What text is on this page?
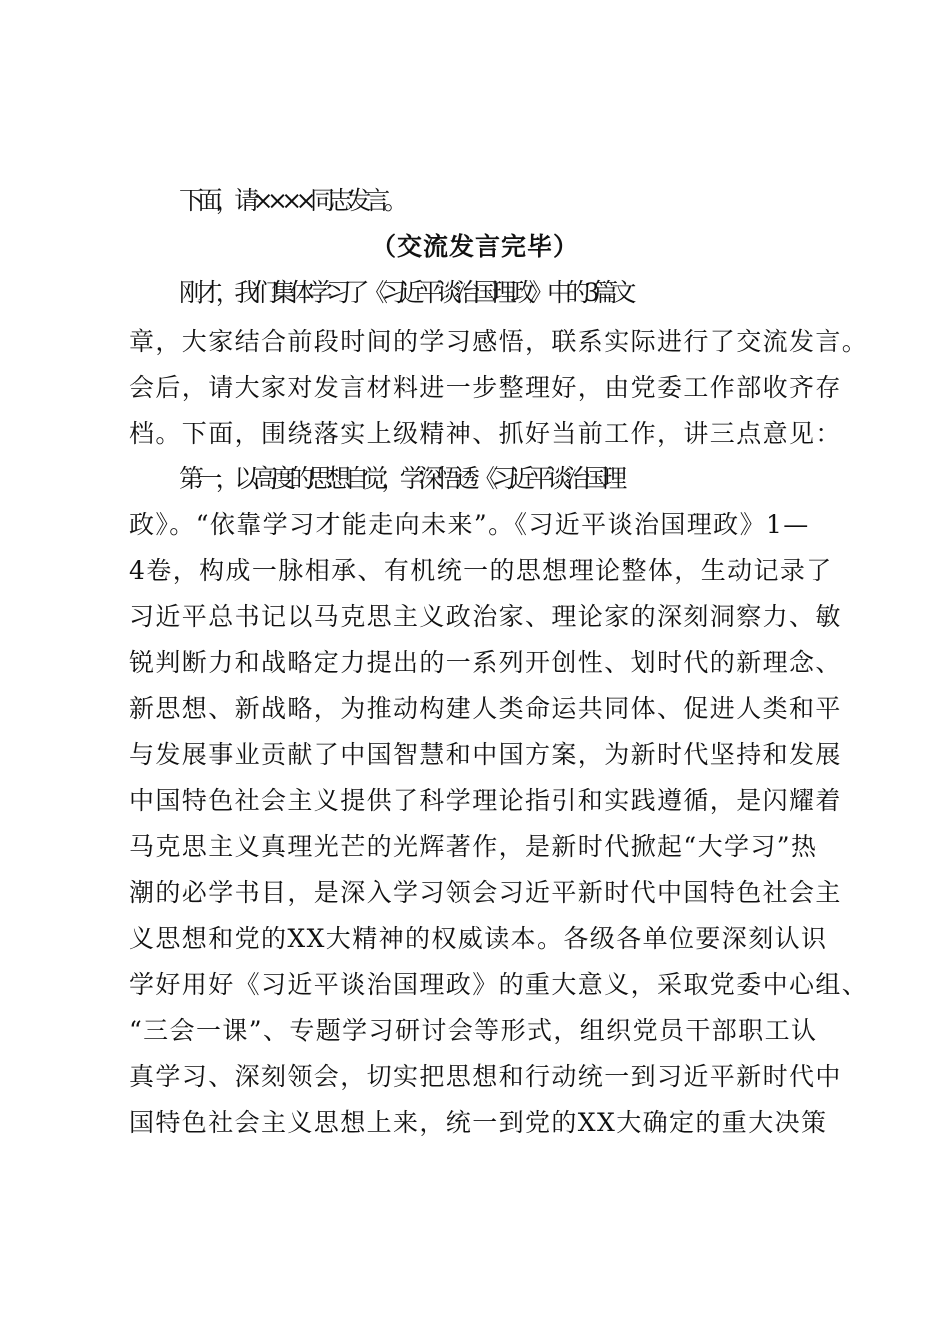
下面，请××××同志发言。
（交流发言完毕）
刚才，我们集体学习了《习近平谈治国理政》中的3篇文
章，大家结合前段时间的学习感悟，联系实际进行了交流发言。
会后，请大家对发言材料进一步整理好，由党委工作部收齐存
档。下面，围绕落实上级精神、抓好当前工作，讲三点意见：
第一，以高度的思想自觉，学深悟透《习近平谈治国理
政》。“依靠学习才能走向未来”。《习近平谈治国理政》1—
4卷，构成一脉相承、有机统一的思想理论整体，生动记录了
习近平总书记以马克思主义政治家、理论家的深刻洞察力、敏
锐判断力和战略定力提出的一系列开创性、划时代的新理念、
新思想、新战略，为推动构建人类命运共同体、促进人类和平
与发展事业贡献了中国智慧和中国方案，为新时代坚持和发展
中国特色社会主义提供了科学理论指引和实践遵循，是闪耀着
马克思主义真理光芒的光辉著作，是新时代掀起“大学习”热
潮的必学书目，是深入学习领会习近平新时代中国特色社会主
义思想和党的XX大精神的权威读本。各级各单位要深刻认识
学好用好《习近平谈治国理政》的重大意义，采取党委中心组、
“三会一课”、专题学习研讨会等形式，组织党员干部职工认
真学习、深刻领会，切实把思想和行动统一到习近平新时代中
国特色社会主义思想上来，统一到党的XX大确定的重大决策
